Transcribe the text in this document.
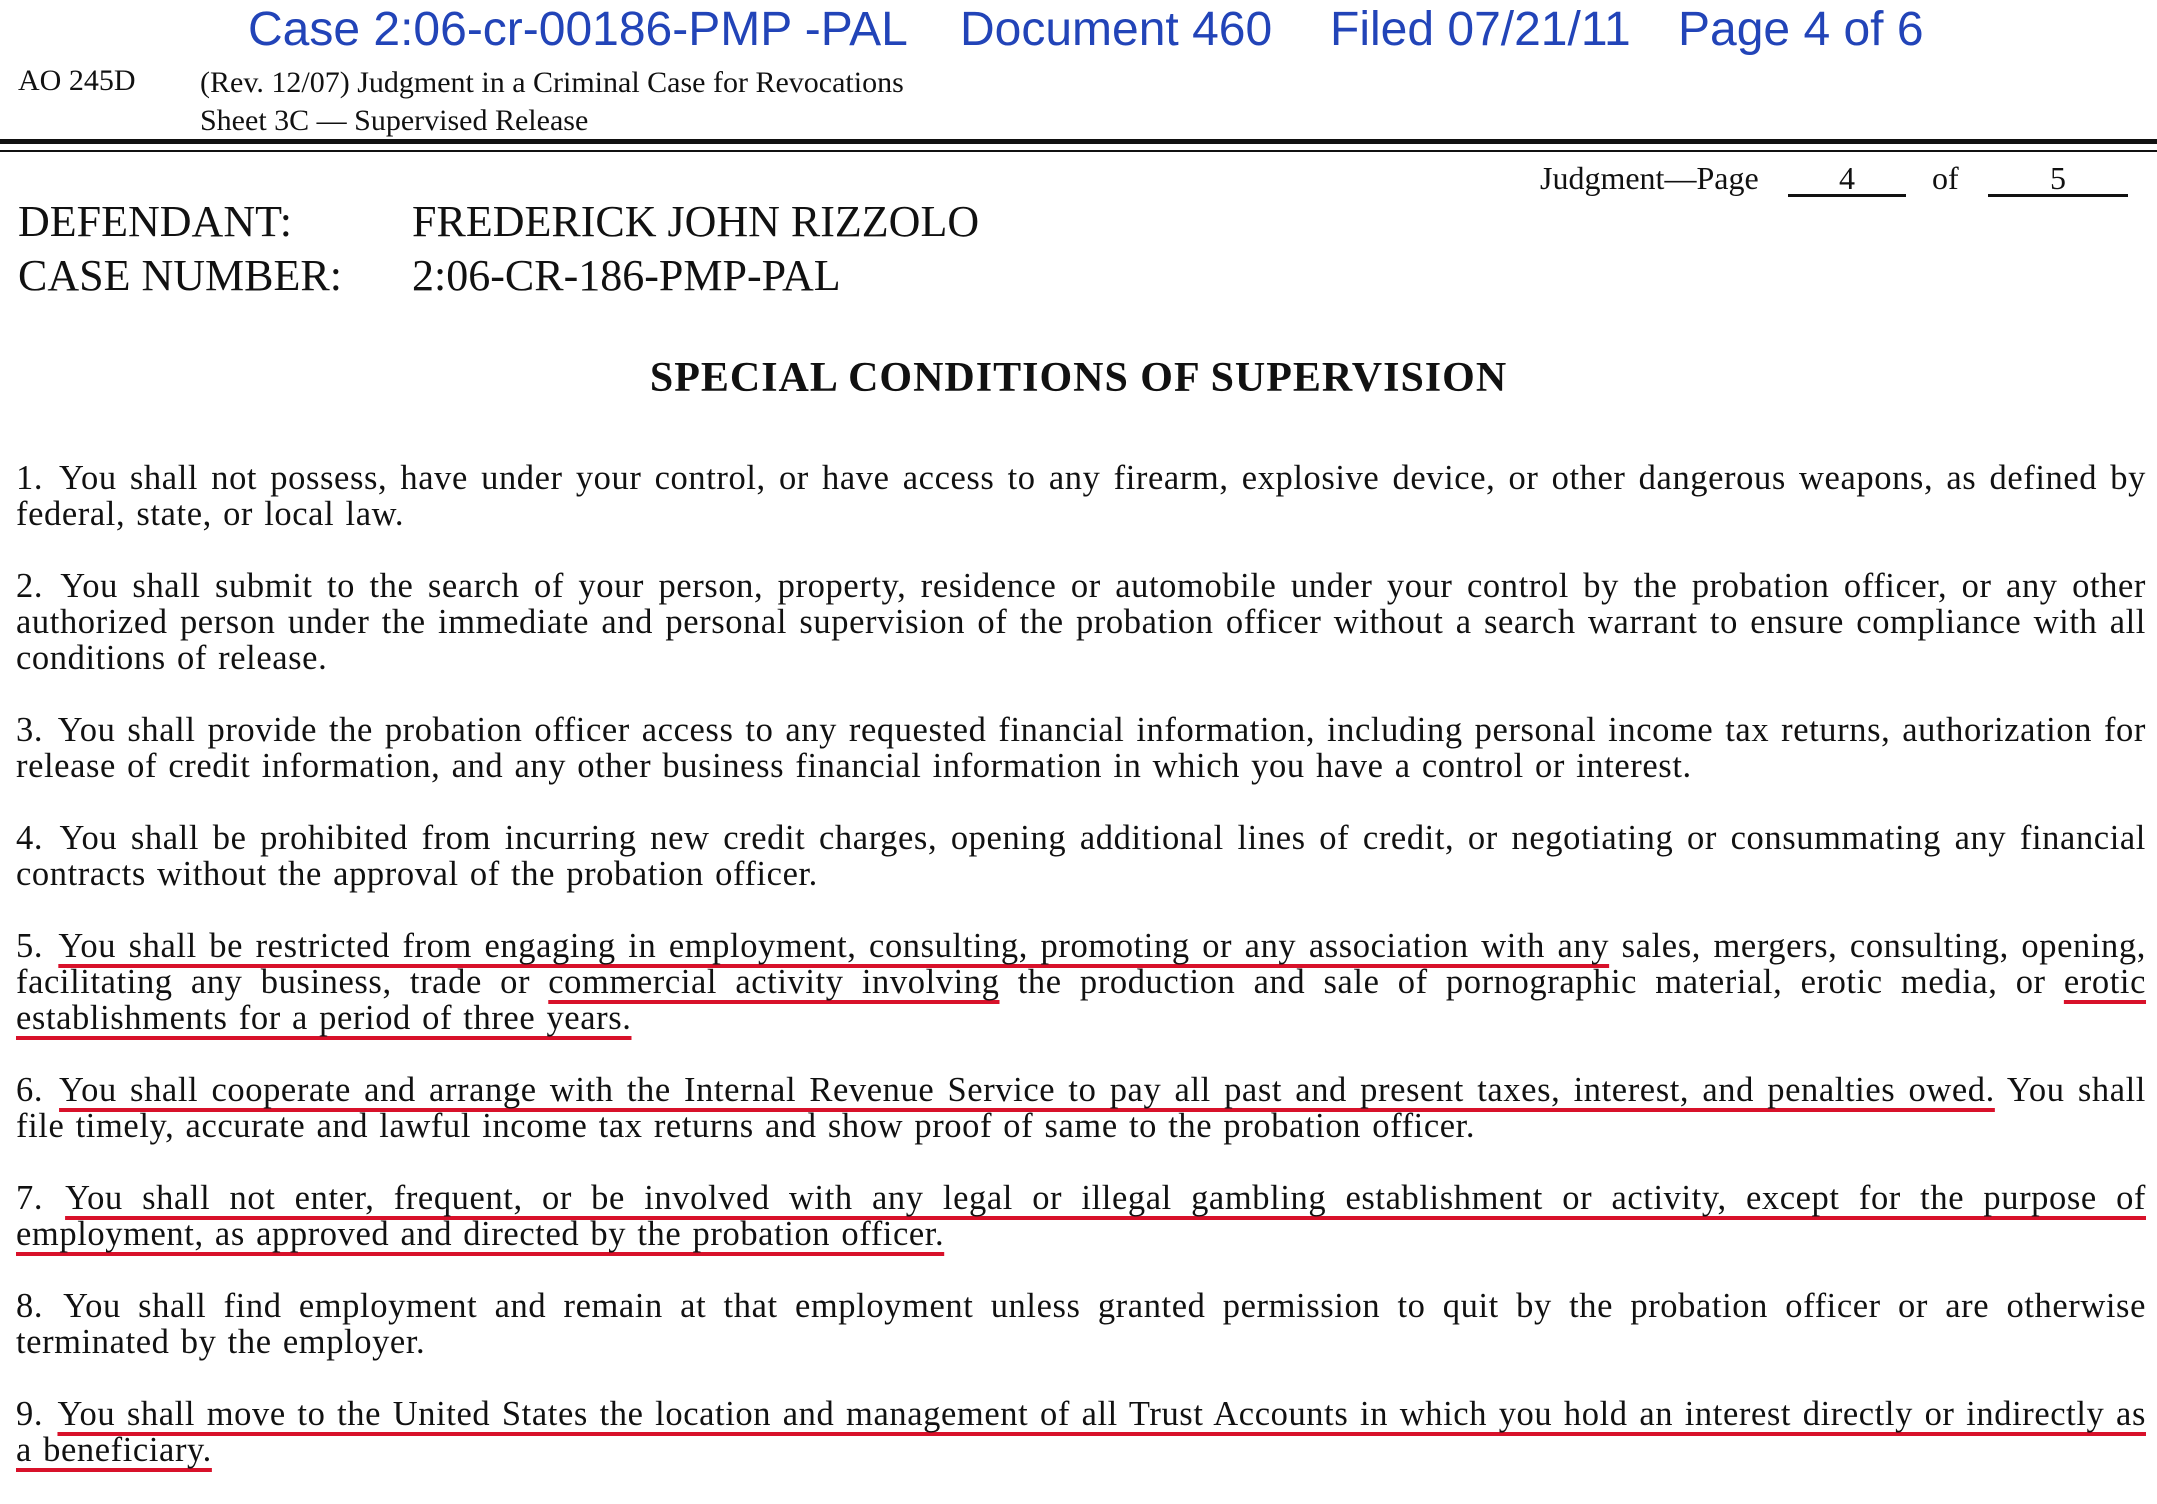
Case 2:06-cr-00186-PMP -PAL Document 460 Filed 07/21/11 Page 4 of 6
AO 245D (Rev. 12/07) Judgment in a Criminal Case for Revocations
Sheet 3C — Supervised Release
Judgment—Page	4	of	5
DEFENDANT:	FREDERICK JOHN RIZZOLO
CASE NUMBER: 2:06-CR-186-PMP-PAL
SPECIAL CONDITIONS OF SUPERVISION

1. You shall not possess, have under your control, or have access to any firearm, explosive device, or other dangerous weapons, as defined by federal, state, or local law.

2. You shall submit to the search of your person, property, residence or automobile under your control by the probation officer, or any other authorized person under the immediate and personal supervision of the probation officer without a search warrant to ensure compliance with all conditions of release.

3. You shall provide the probation officer access to any requested financial information, including personal income tax returns, authorization for release of credit information, and any other business financial information in which you have a control or interest.

4. You shall be prohibited from incurring new credit charges, opening additional lines of credit, or negotiating or consummating any financial contracts without the approval of the probation officer.

5. You shall be restricted from engaging in employment, consulting, promoting or any association with any sales, mergers, consulting, opening, facilitating any business, trade or commercial activity involving the production and sale of pornographic material, erotic media, or erotic establishments for a period of three years.

6. You shall cooperate and arrange with the Internal Revenue Service to pay all past and present taxes, interest, and penalties owed. You shall file timely, accurate and lawful income tax returns and show proof of same to the probation officer.

7. You shall not enter, frequent, or be involved with any legal or illegal gambling establishment or activity, except for the purpose of employment, as approved and directed by the probation officer.

8. You shall find employment and remain at that employment unless granted permission to quit by the probation officer or are otherwise terminated by the employer.

9. You shall move to the United States the location and management of all Trust Accounts in which you hold an interest directly or indirectly as a beneficiary.
